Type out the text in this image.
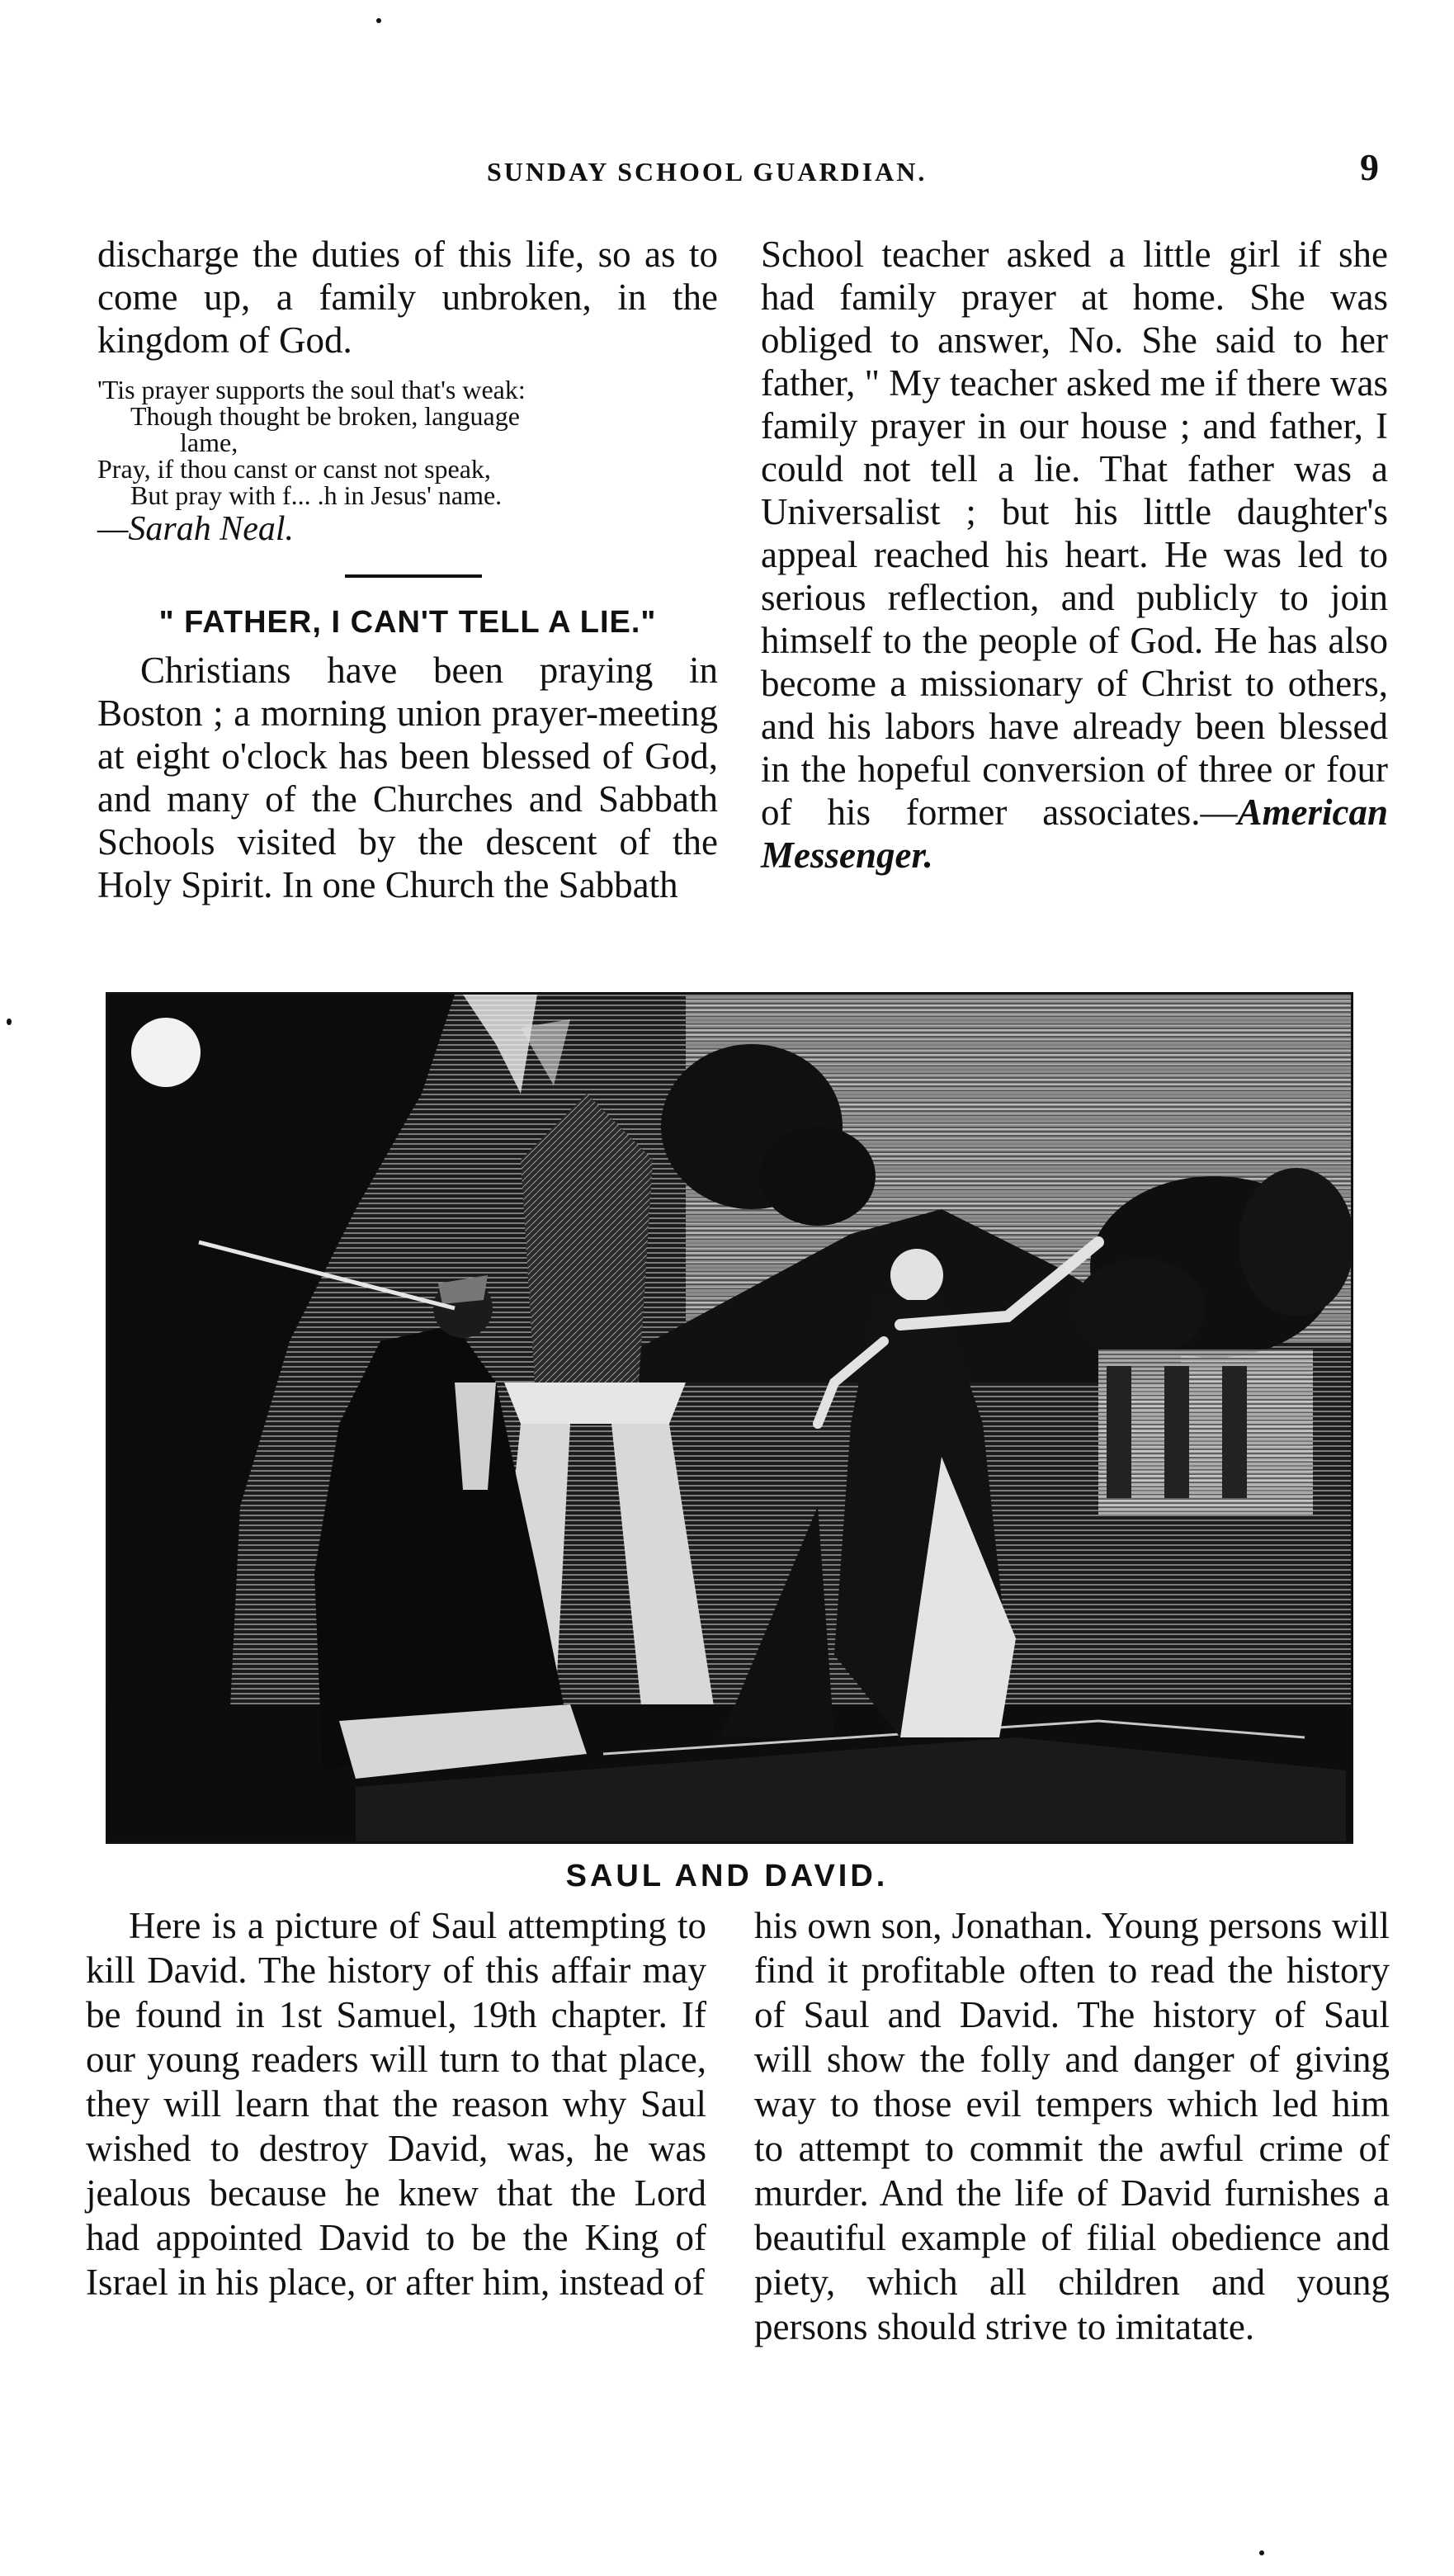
SUNDAY SCHOOL GUARDIAN.	9

discharge the duties of this life, so as to come up, a family unbroken, in the kingdom of God.

'Tis prayer supports the soul that's weak:
Though thought be broken, language
lame,
Pray, if thou canst or canst not speak,
But pray with f... .h in Jesus' name.

—Sarah Neal.

" FATHER, I CAN'T TELL A LIE."

Christians have been praying in Boston ; a morning union prayer-meeting at eight o'clock has been blessed of God, and many of the Churches and Sabbath Schools visited by the descent of the Holy Spirit. In one Church the Sabbath

School teacher asked a little girl if she had family prayer at home. She was obliged to answer, No. She said to her father, " My teacher asked me if there was family prayer in our house ; and father, I could not tell a lie. That father was a Universalist ; but his little daughter's appeal reached his heart. He was led to serious reflection, and publicly to join himself to the people of God. He has also become a missionary of Christ to others, and his labors have already been blessed in the hopeful conversion of three or four of his former associates.—American Messenger.

SAUL AND DAVID.

Here is a picture of Saul attempting to kill David. The history of this affair may be found in 1st Samuel, 19th chapter. If our young readers will turn to that place, they will learn that the reason why Saul wished to destroy David, was, he was jealous because he knew that the Lord had appointed David to be the King of Israel in his place, or after him, instead of

his own son, Jonathan. Young persons will find it profitable often to read the history of Saul and David. The history of Saul will show the folly and danger of giving way to those evil tempers which led him to attempt to commit the awful crime of murder. And the life of David furnishes a beautiful example of filial obedience and piety, which all children and young persons should strive to imitatate.
